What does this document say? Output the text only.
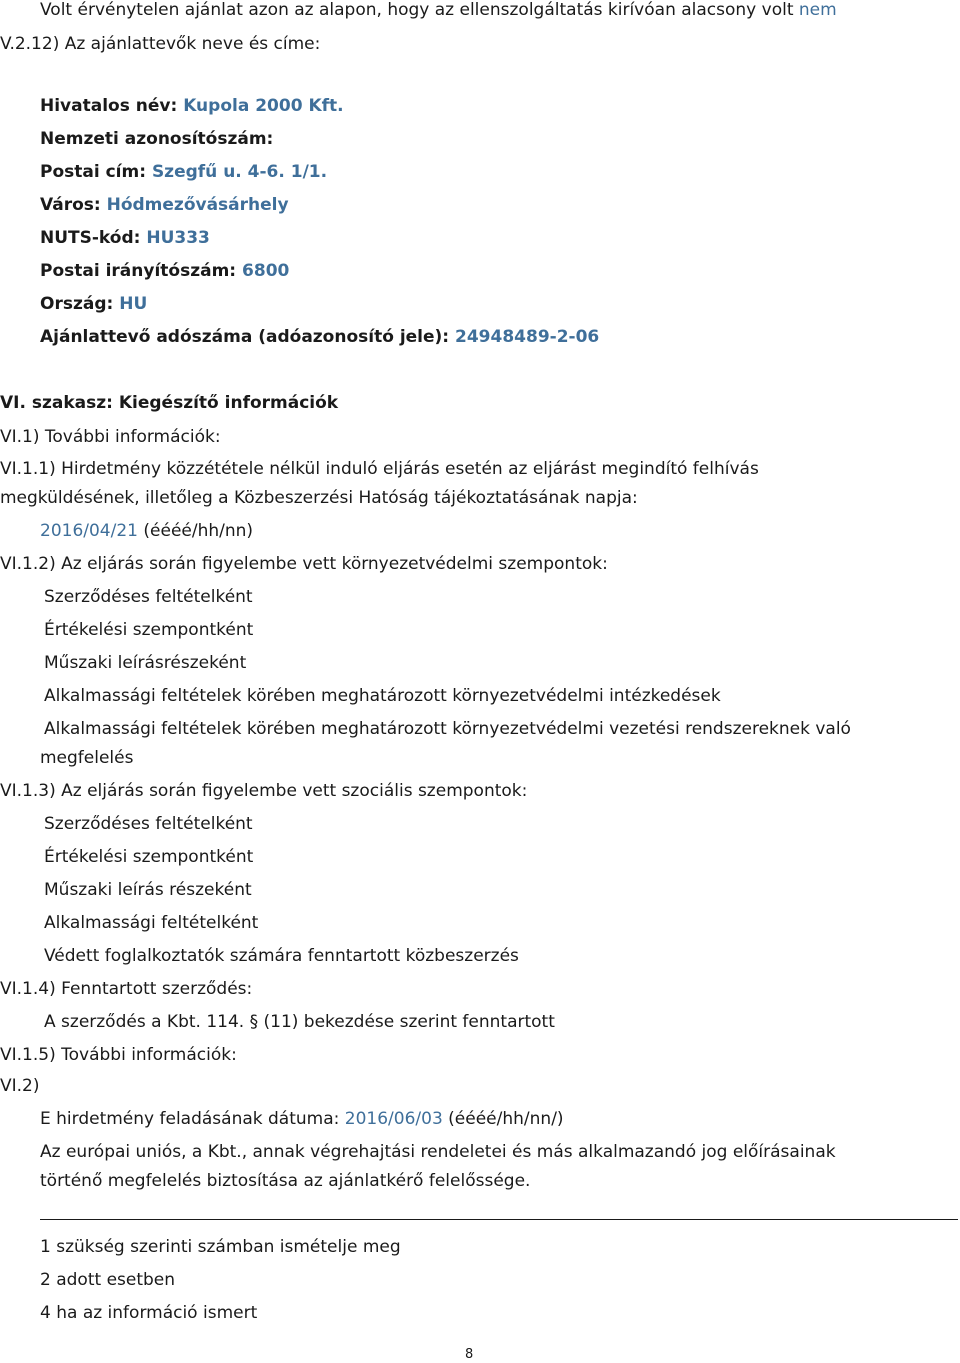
Volt érvénytelen ajánlat azon az alapon, hogy az ellenszolgáltatás kirívóan alacsony volt nem
V.2.12) Az ajánlattevők neve és címe:
Hivatalos név: Kupola 2000 Kft.
Nemzeti azonosítószám:
Postai cím: Szegfű u. 4-6. 1/1.
Város: Hódmezővásárhely
NUTS-kód: HU333
Postai irányítószám: 6800
Ország: HU
Ajánlattevő adószáma (adóazonosító jele): 24948489-2-06
VI. szakasz: Kiegészítő információk
VI.1) További információk:
VI.1.1) Hirdetmény közzététele nélkül induló eljárás esetén az eljárást megindító felhívás
megküldésének, illetőleg a Közbeszerzési Hatóság tájékoztatásának napja:
2016/04/21 (éééé/hh/nn)
VI.1.2) Az eljárás során figyelembe vett környezetvédelmi szempontok:
Szerződéses feltételként
Értékelési szempontként
Műszaki leírásrészeként
Alkalmassági feltételek körében meghatározott környezetvédelmi intézkedések
Alkalmassági feltételek körében meghatározott környezetvédelmi vezetési rendszereknek való
megfelelés
VI.1.3) Az eljárás során figyelembe vett szociális szempontok:
Szerződéses feltételként
Értékelési szempontként
Műszaki leírás részeként
Alkalmassági feltételként
Védett foglalkoztatók számára fenntartott közbeszerzés
VI.1.4) Fenntartott szerződés:
A szerződés a Kbt. 114. § (11) bekezdése szerint fenntartott
VI.1.5) További információk:
VI.2)
E hirdetmény feladásának dátuma: 2016/06/03 (éééé/hh/nn/)
Az európai uniós, a Kbt., annak végrehajtási rendeletei és más alkalmazandó jog előírásainak
történő megfelelés biztosítása az ajánlatkérő felelőssége.
1 szükség szerinti számban ismételje meg
2 adott esetben
4 ha az információ ismert
8
